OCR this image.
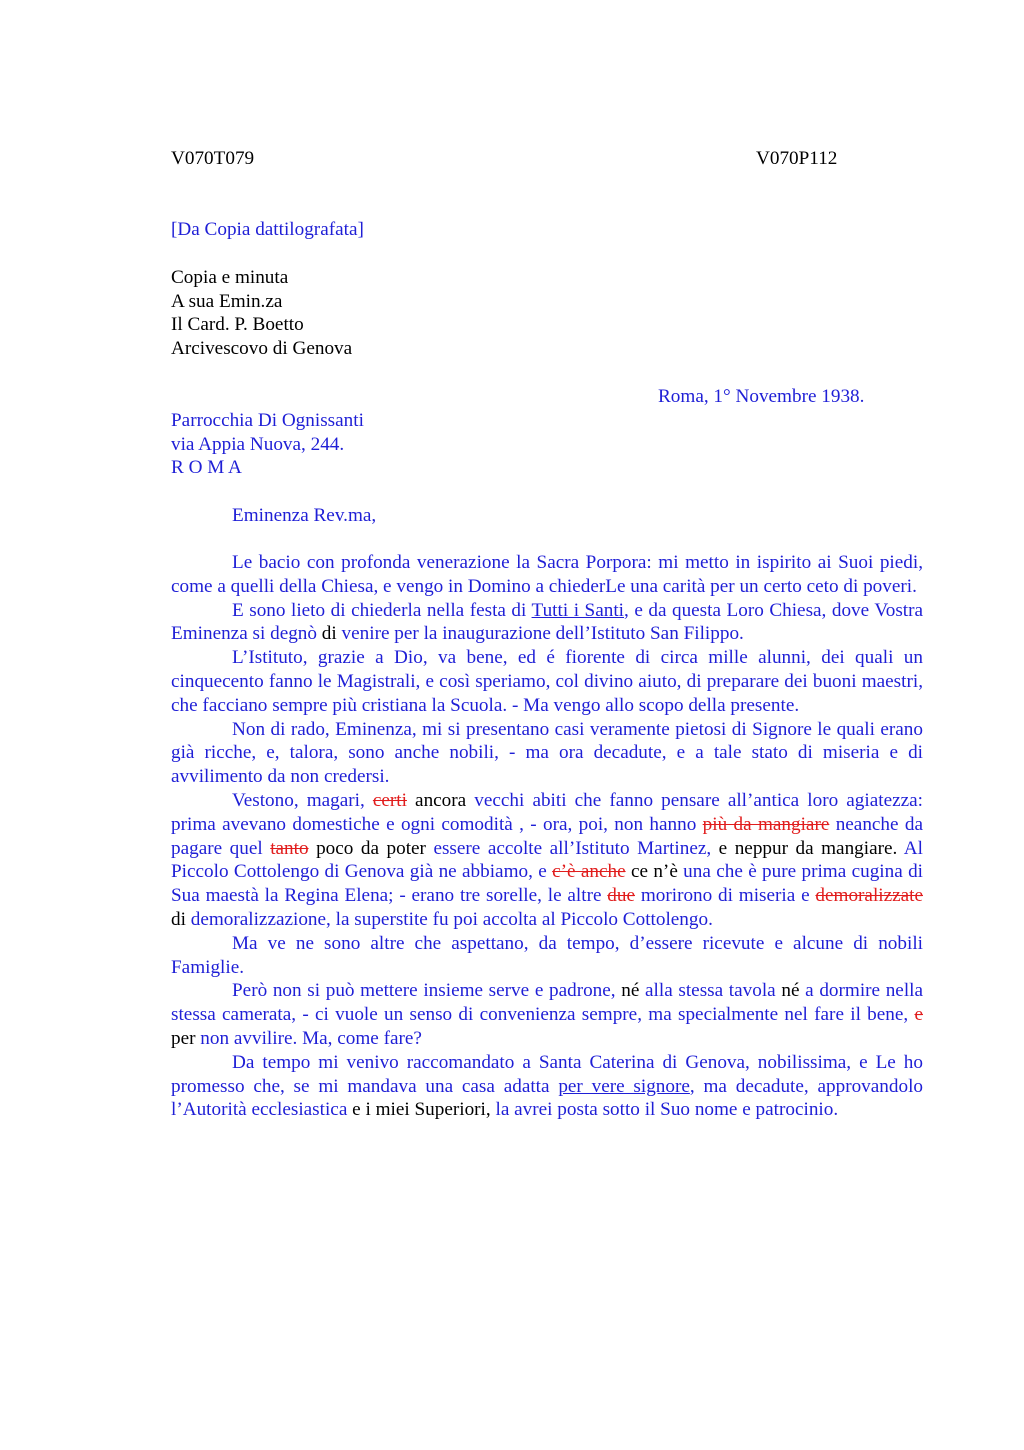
V070T079	V070P112
[Da Copia dattilografata]
Copia e minuta
A sua Emin.za
Il Card. P. Boetto
Arcivescovo di Genova
Roma, 1° Novembre 1938.
Parrocchia Di Ognissanti
via Appia Nuova, 244.
R O M A
Eminenza Rev.ma,

Le bacio con profonda venerazione la Sacra Porpora: mi metto in ispirito ai Suoi piedi, come a quelli della Chiesa, e vengo in Domino a chiederLe una carità per un certo ceto di poveri.

E sono lieto di chiederla nella festa di Tutti i Santi, e da questa Loro Chiesa, dove Vostra Eminenza si degnò di venire per la inaugurazione dell’Istituto San Filippo.

L’Istituto, grazie a Dio, va bene, ed é fiorente di circa mille alunni, dei quali un cinquecento fanno le Magistrali, e così speriamo, col divino aiuto, di preparare dei buoni maestri, che facciano sempre più cristiana la Scuola. - Ma vengo allo scopo della presente.

Non di rado, Eminenza, mi si presentano casi veramente pietosi di Signore le quali erano già ricche, e, talora, sono anche nobili, - ma ora decadute, e a tale stato di miseria e di avvilimento da non credersi.

Vestono, magari, certi ancora vecchi abiti che fanno pensare all’antica loro agiatezza: prima avevano domestiche e ogni comodità , - ora, poi, non hanno più da mangiare neanche da pagare quel tanto poco da poter essere accolte all’Istituto Martinez, e neppur da mangiare. Al Piccolo Cottolengo di Genova già ne abbiamo, e c’è anche ce n’è una che è pure prima cugina di Sua maestà la Regina Elena; - erano tre sorelle, le altre due morirono di miseria e demoralizzate di demoralizzazione, la superstite fu poi accolta al Piccolo Cottolengo.

Ma ve ne sono altre che aspettano, da tempo, d’essere ricevute e alcune di nobili Famiglie.

Però non si può mettere insieme serve e padrone, né alla stessa tavola né a dormire nella stessa camerata, - ci vuole un senso di convenienza sempre, ma specialmente nel fare il bene, e per non avvilire. Ma, come fare?

Da tempo mi venivo raccomandato a Santa Caterina di Genova, nobilissima, e Le ho promesso che, se mi mandava una casa adatta per vere signore, ma decadute, approvandolo l’Autorità ecclesiastica e i miei Superiori, la avrei posta sotto il Suo nome e patrocinio.
